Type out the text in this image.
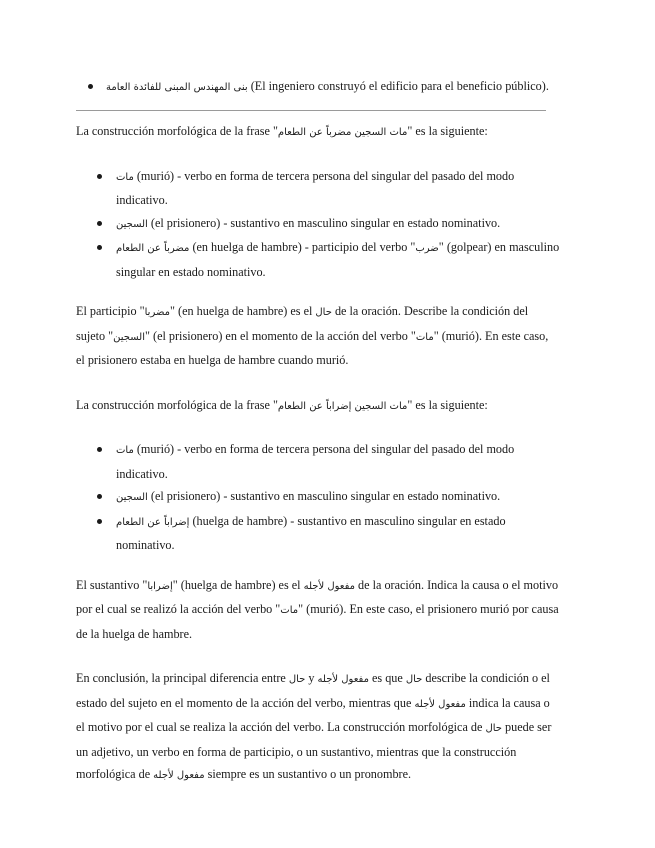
بنى المهندس المبنى للفائدة العامة (El ingeniero construyó el edificio para el beneficio público).

La construcción morfológica de la frase "مات السجين مضرباً عن الطعام" es la siguiente:

مات (murió) - verbo en forma de tercera persona del singular del pasado del modo indicativo.
السجين (el prisionero) - sustantivo en masculino singular en estado nominativo.
مضرباً عن الطعام (en huelga de hambre) - participio del verbo "ضرب" (golpear) en masculino singular en estado nominativo.

El participio "مضربا" (en huelga de hambre) es el حال de la oración. Describe la condición del sujeto "السجين" (el prisionero) en el momento de la acción del verbo "مات" (murió). En este caso, el prisionero estaba en huelga de hambre cuando murió.

La construcción morfológica de la frase "مات السجين إضراباً عن الطعام" es la siguiente:

مات (murió) - verbo en forma de tercera persona del singular del pasado del modo indicativo.
السجين (el prisionero) - sustantivo en masculino singular en estado nominativo.
إضراباً عن الطعام (huelga de hambre) - sustantivo en masculino singular en estado nominativo.

El sustantivo "إضرابا" (huelga de hambre) es el مفعول لأجله de la oración. Indica la causa o el motivo por el cual se realizó la acción del verbo "مات" (murió). En este caso, el prisionero murió por causa de la huelga de hambre.

En conclusión, la principal diferencia entre حال y مفعول لأجله es que حال describe la condición o el estado del sujeto en el momento de la acción del verbo, mientras que مفعول لأجله indica la causa o el motivo por el cual se realiza la acción del verbo. La construcción morfológica de حال puede ser un adjetivo, un verbo en forma de participio, o un sustantivo, mientras que la construcción morfológica de مفعول لأجله siempre es un sustantivo o un pronombre.
